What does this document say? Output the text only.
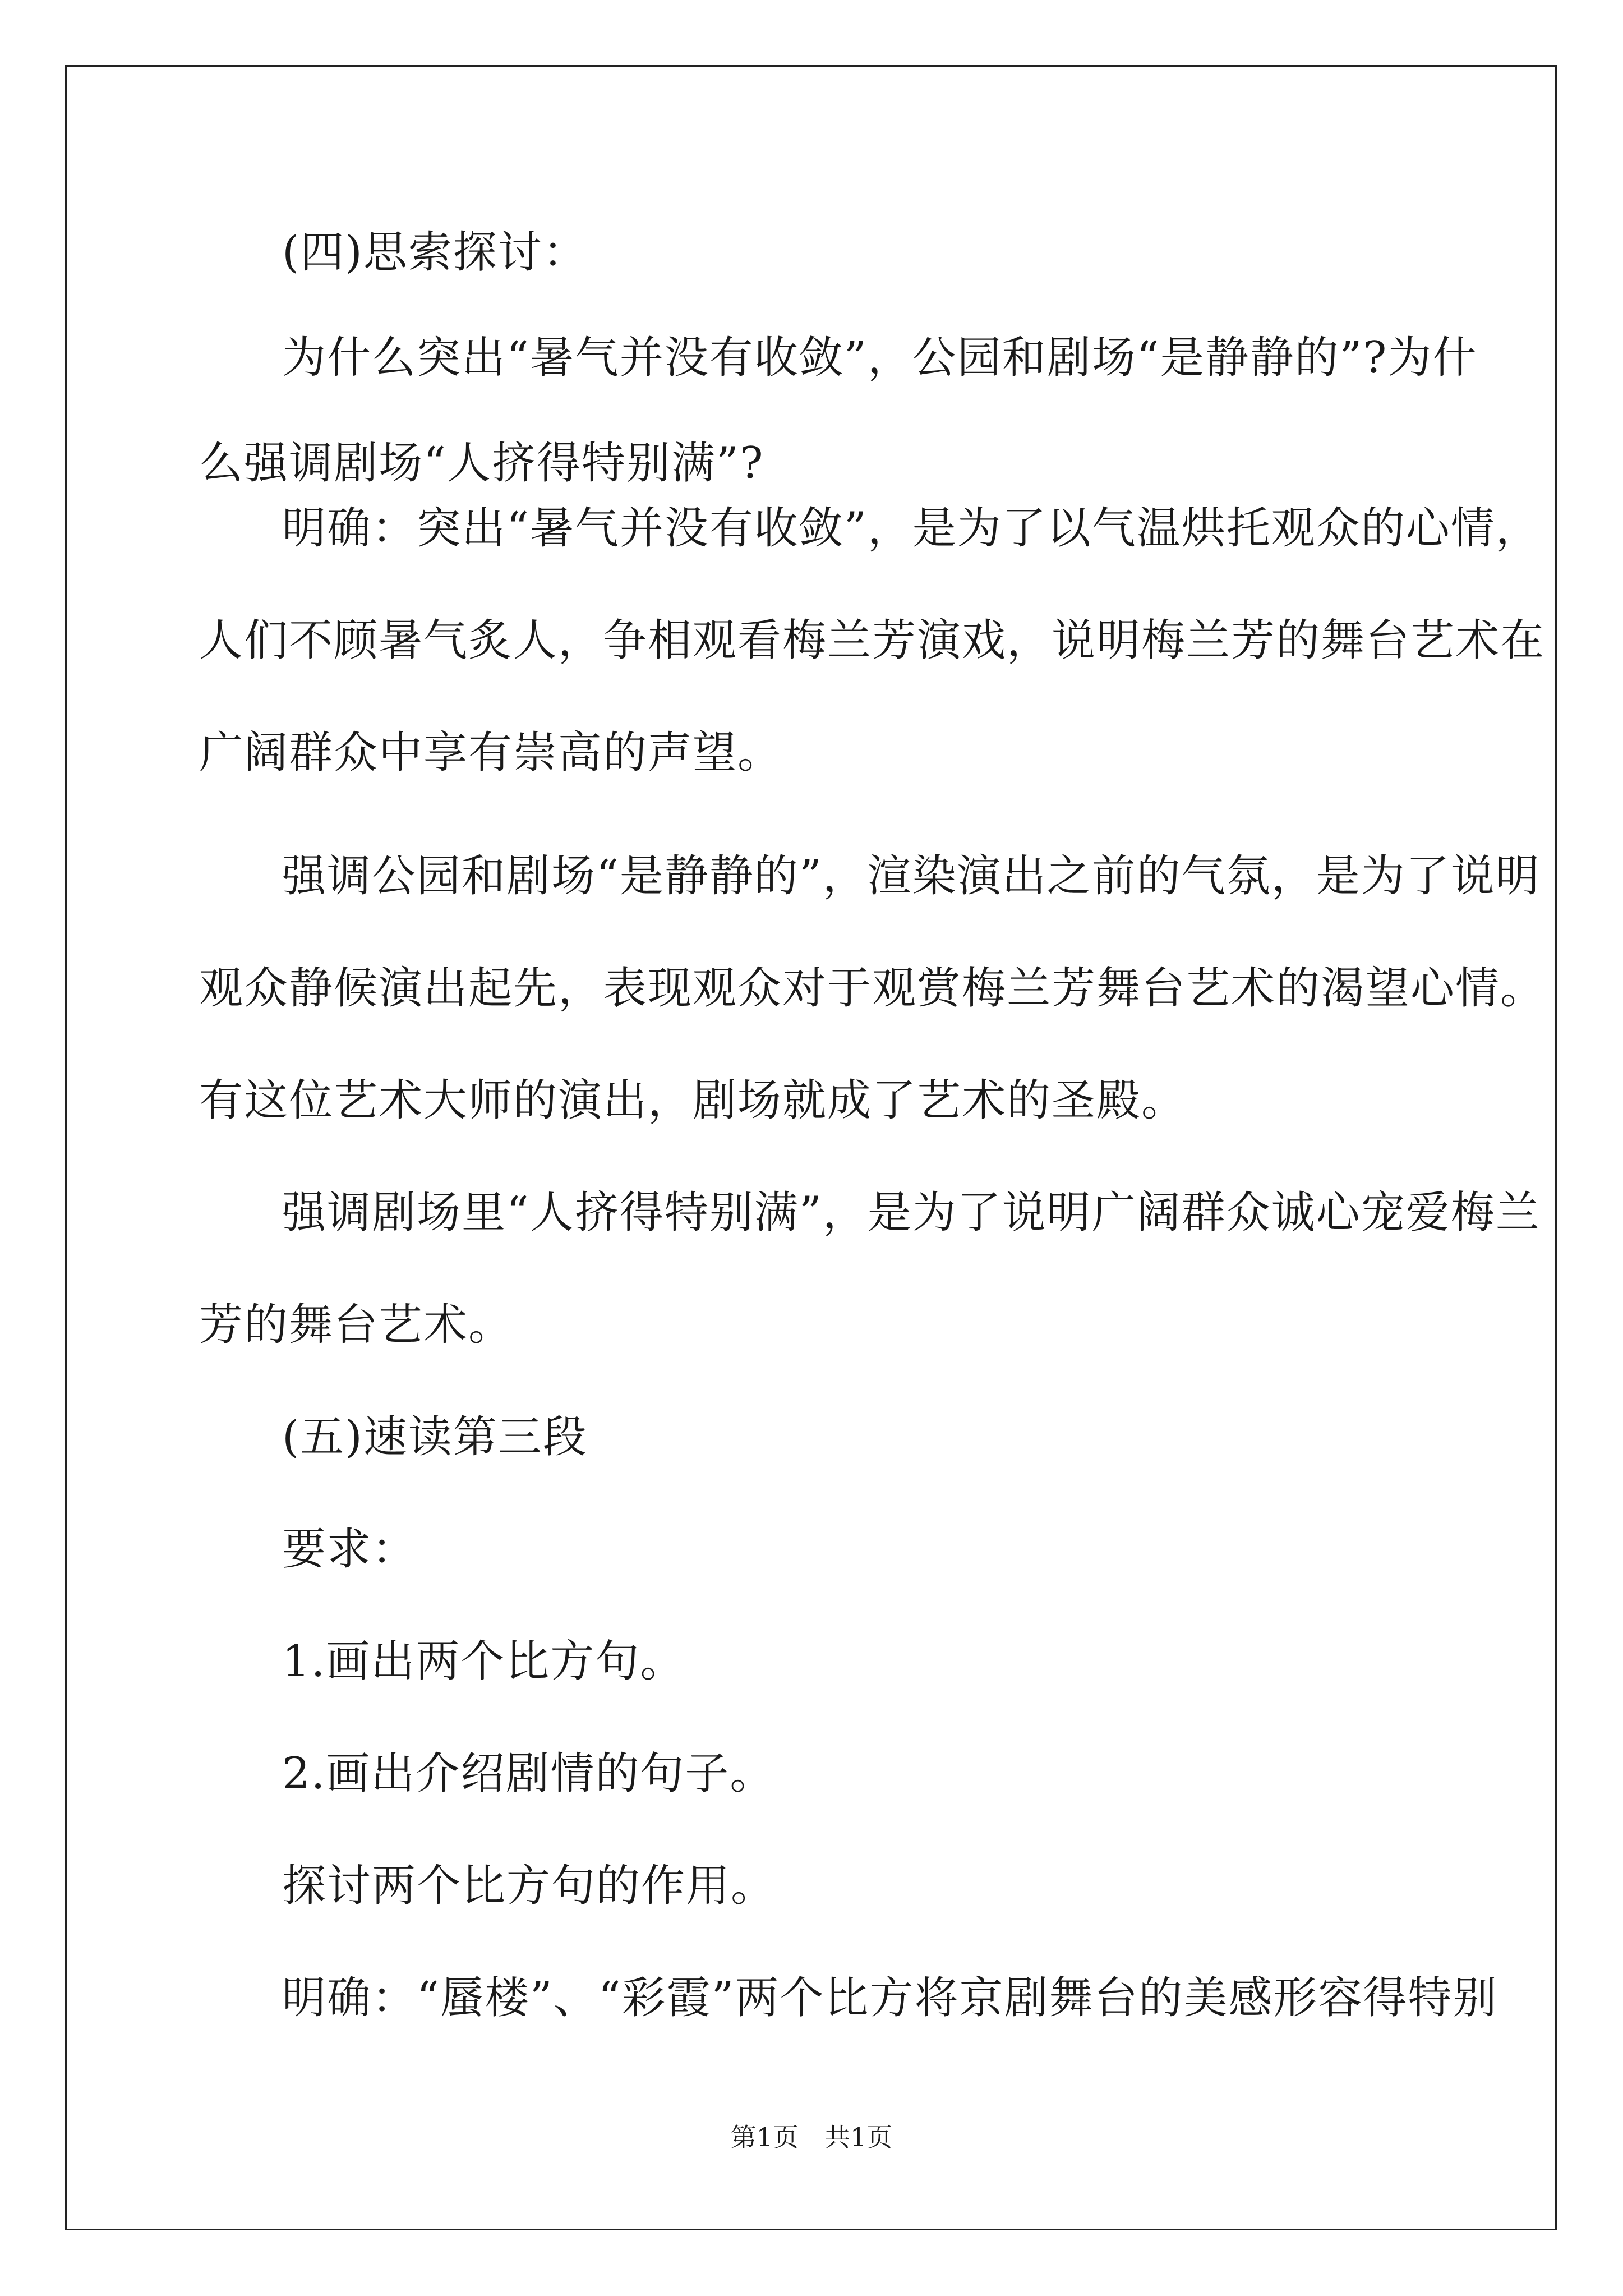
(四)思索探讨：
为什么突出“暑气并没有收敛”，公园和剧场“是静静的”?为什
么强调剧场“人挤得特别满”?
明确：突出“暑气并没有收敛”，是为了以气温烘托观众的心情，
人们不顾暑气炙人，争相观看梅兰芳演戏，说明梅兰芳的舞台艺术在
广阔群众中享有崇高的声望。
强调公园和剧场“是静静的”，渲染演出之前的气氛，是为了说明
观众静候演出起先，表现观众对于观赏梅兰芳舞台艺术的渴望心情。
有这位艺术大师的演出，剧场就成了艺术的圣殿。
强调剧场里“人挤得特别满”，是为了说明广阔群众诚心宠爱梅兰
芳的舞台艺术。
(五)速读第三段
要求：
1.画出两个比方句。
2.画出介绍剧情的句子。
探讨两个比方句的作用。
明确：“蜃楼”、“彩霞”两个比方将京剧舞台的美感形容得特别
第1页　共1页
